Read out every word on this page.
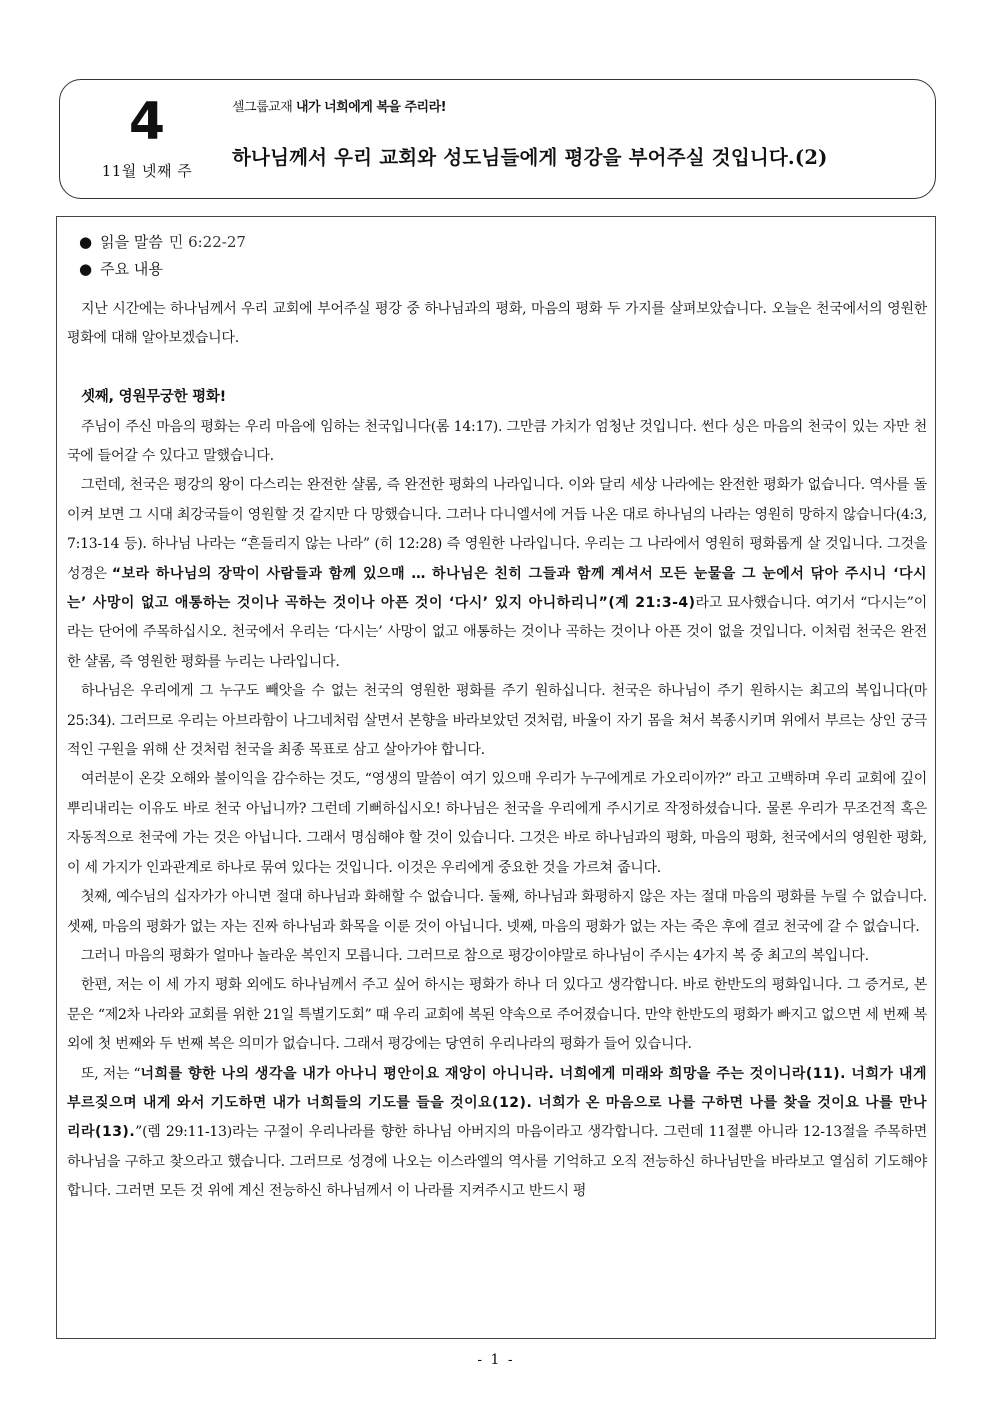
4
11월 넷째 주
셀그룹교재 내가 너희에게 복을 주리라!
하나님께서 우리 교회와 성도님들에게 평강을 부어주실 것입니다.(2)
● 읽을 말씀 민 6:22-27
● 주요 내용

지난 시간에는 하나님께서 우리 교회에 부어주실 평강 중 하나님과의 평화, 마음의 평화 두 가지를 살펴보았습니다. 오늘은 천국에서의 영원한 평화에 대해 알아보겠습니다.

셋째, 영원무궁한 평화!

주님이 주신 마음의 평화는 우리 마음에 임하는 천국입니다(롬 14:17). 그만큼 가치가 엄청난 것입니다. 썬다 싱은 마음의 천국이 있는 자만 천국에 들어갈 수 있다고 말했습니다.

그런데, 천국은 평강의 왕이 다스리는 완전한 샬롬, 즉 완전한 평화의 나라입니다. 이와 달리 세상 나라에는 완전한 평화가 없습니다. 역사를 돌이켜 보면 그 시대 최강국들이 영원할 것 같지만 다 망했습니다. 그러나 다니엘서에 거듭 나온 대로 하나님의 나라는 영원히 망하지 않습니다(4:3, 7:13-14 등). 하나님 나라는 “흔들리지 않는 나라” (히 12:28) 즉 영원한 나라입니다. 우리는 그 나라에서 영원히 평화롭게 살 것입니다. 그것을 성경은 “보라 하나님의 장막이 사람들과 함께 있으매 … 하나님은 친히 그들과 함께 계셔서 모든 눈물을 그 눈에서 닦아 주시니 ‘다시는’ 사망이 없고 애통하는 것이나 곡하는 것이나 아픈 것이 ‘다시’ 있지 아니하리니”(계 21:3-4)라고 묘사했습니다. 여기서 “다시는”이라는 단어에 주목하십시오. 천국에서 우리는 ‘다시는’ 사망이 없고 애통하는 것이나 곡하는 것이나 아픈 것이 없을 것입니다. 이처럼 천국은 완전한 샬롬, 즉 영원한 평화를 누리는 나라입니다.

하나님은 우리에게 그 누구도 빼앗을 수 없는 천국의 영원한 평화를 주기 원하십니다. 천국은 하나님이 주기 원하시는 최고의 복입니다(마 25:34). 그러므로 우리는 아브라함이 나그네처럼 살면서 본향을 바라보았던 것처럼, 바울이 자기 몸을 쳐서 복종시키며 위에서 부르는 상인 궁극적인 구원을 위해 산 것처럼 천국을 최종 목표로 삼고 살아가야 합니다.

여러분이 온갖 오해와 불이익을 감수하는 것도, “영생의 말씀이 여기 있으매 우리가 누구에게로 가오리이까?” 라고 고백하며 우리 교회에 깊이 뿌리내리는 이유도 바로 천국 아닙니까? 그런데 기뻐하십시오! 하나님은 천국을 우리에게 주시기로 작정하셨습니다. 물론 우리가 무조건적 혹은 자동적으로 천국에 가는 것은 아닙니다. 그래서 명심해야 할 것이 있습니다. 그것은 바로 하나님과의 평화, 마음의 평화, 천국에서의 영원한 평화, 이 세 가지가 인과관계로 하나로 묶여 있다는 것입니다. 이것은 우리에게 중요한 것을 가르쳐 줍니다.

첫째, 예수님의 십자가가 아니면 절대 하나님과 화해할 수 없습니다. 둘째, 하나님과 화평하지 않은 자는 절대 마음의 평화를 누릴 수 없습니다. 셋째, 마음의 평화가 없는 자는 진짜 하나님과 화목을 이룬 것이 아닙니다. 넷째, 마음의 평화가 없는 자는 죽은 후에 결코 천국에 갈 수 없습니다.

그러니 마음의 평화가 얼마나 놀라운 복인지 모릅니다. 그러므로 참으로 평강이야말로 하나님이 주시는 4가지 복 중 최고의 복입니다.

한편, 저는 이 세 가지 평화 외에도 하나님께서 주고 싶어 하시는 평화가 하나 더 있다고 생각합니다. 바로 한반도의 평화입니다. 그 증거로, 본문은 “제2차 나라와 교회를 위한 21일 특별기도회” 때 우리 교회에 복된 약속으로 주어졌습니다. 만약 한반도의 평화가 빠지고 없으면 세 번째 복 외에 첫 번째와 두 번째 복은 의미가 없습니다. 그래서 평강에는 당연히 우리나라의 평화가 들어 있습니다.

또, 저는 “너희를 향한 나의 생각을 내가 아나니 평안이요 재앙이 아니니라. 너희에게 미래와 희망을 주는 것이니라(11). 너희가 내게 부르짖으며 내게 와서 기도하면 내가 너희들의 기도를 들을 것이요(12). 너희가 온 마음으로 나를 구하면 나를 찾을 것이요 나를 만나리라(13).”(렘 29:11-13)라는 구절이 우리나라를 향한 하나님 아버지의 마음이라고 생각합니다. 그런데 11절뿐 아니라 12-13절을 주목하면 하나님을 구하고 찾으라고 했습니다. 그러므로 성경에 나오는 이스라엘의 역사를 기억하고 오직 전능하신 하나님만을 바라보고 열심히 기도해야 합니다. 그러면 모든 것 위에 계신 전능하신 하나님께서 이 나라를 지켜주시고 반드시 평

- 1 -
